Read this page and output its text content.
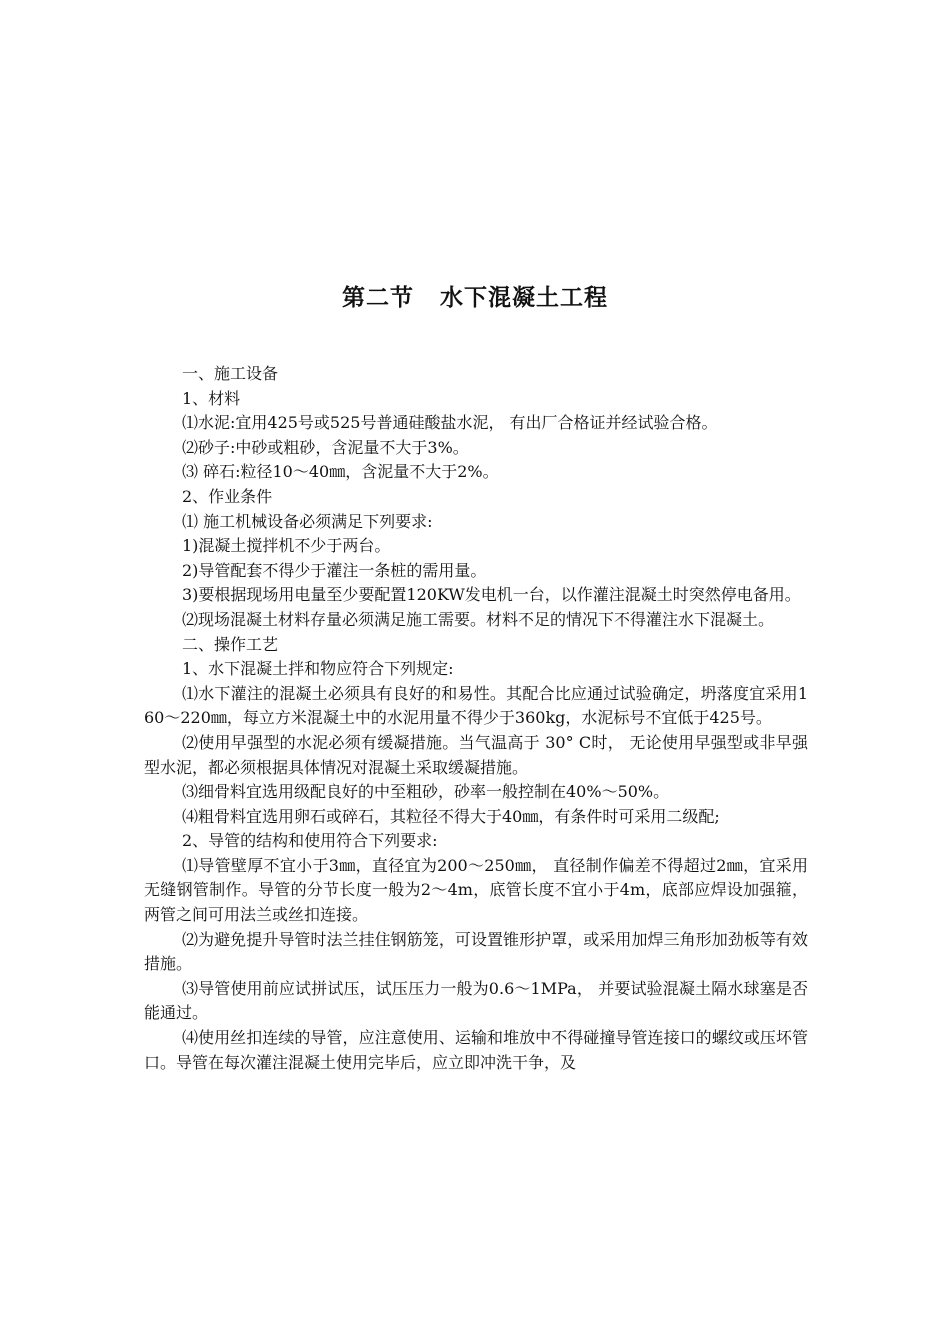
第二节 水下混凝土工程

一、施工设备

1、材料

⑴水泥:宜用425号或525号普通硅酸盐水泥， 有出厂合格证并经试验合格。

⑵砂子:中砂或粗砂，含泥量不大于3%。

⑶ 碎石:粒径10～40㎜，含泥量不大于2%。

2、作业条件

⑴ 施工机械设备必须满足下列要求:

1)混凝土搅拌机不少于两台。

2)导管配套不得少于灌注一条桩的需用量。

3)要根据现场用电量至少要配置120KW发电机一台，以作灌注混凝土时突然停电备用。

⑵现场混凝土材料存量必须满足施工需要。材料不足的情况下不得灌注水下混凝土。

二、操作工艺

1、水下混凝土拌和物应符合下列规定:

⑴水下灌注的混凝土必须具有良好的和易性。其配合比应通过试验确定，坍落度宜采用160～220㎜，每立方米混凝土中的水泥用量不得少于360kg，水泥标号不宜低于425号。

⑵使用早强型的水泥必须有缓凝措施。当气温高于 30° C时， 无论使用早强型或非早强型水泥，都必须根据具体情况对混凝土采取缓凝措施。

⑶细骨料宜选用级配良好的中至粗砂，砂率一般控制在40%～50%。

⑷粗骨料宜选用卵石或碎石，其粒径不得大于40㎜，有条件时可采用二级配;

2、导管的结构和使用符合下列要求:

⑴导管壁厚不宜小于3㎜，直径宜为200～250㎜， 直径制作偏差不得超过2㎜，宜采用无缝钢管制作。导管的分节长度一般为2～4m，底管长度不宜小于4m，底部应焊设加强箍，两管之间可用法兰或丝扣连接。

⑵为避免提升导管时法兰挂住钢筋笼，可设置锥形护罩，或采用加焊三角形加劲板等有效措施。

⑶导管使用前应试拼试压，试压压力一般为0.6～1MPa， 并要试验混凝土隔水球塞是否能通过。

⑷使用丝扣连续的导管，应注意使用、运输和堆放中不得碰撞导管连接口的螺纹或压坏管口。导管在每次灌注混凝土使用完毕后，应立即冲洗干争，及
